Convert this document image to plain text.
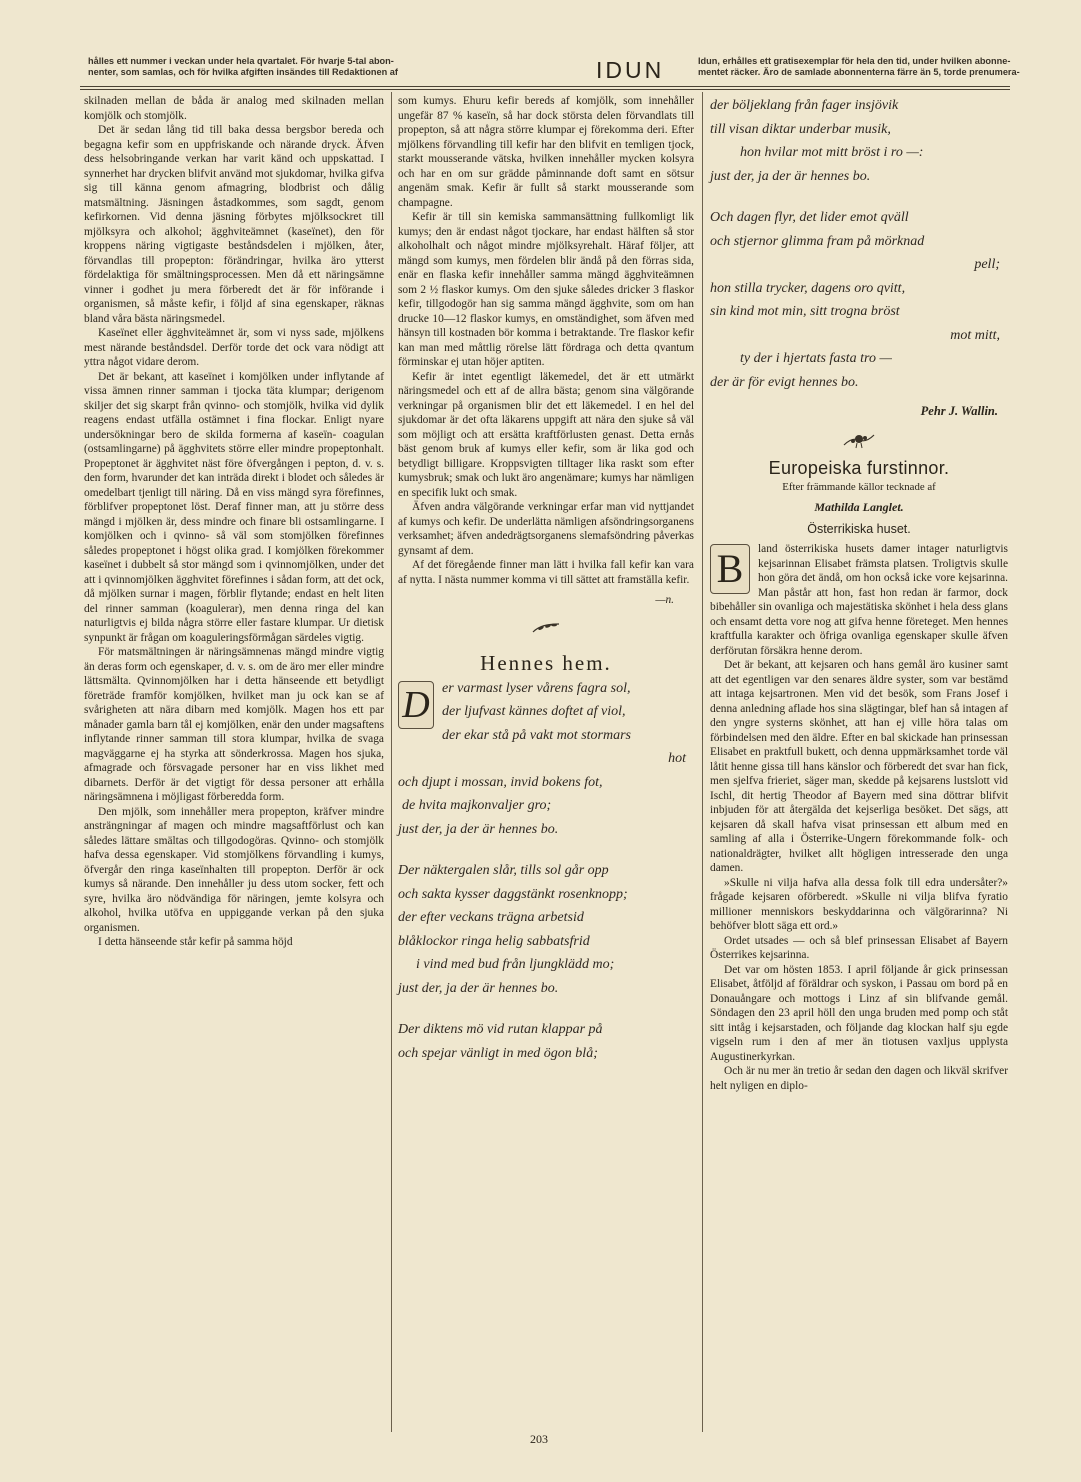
hålles ett nummer i veckan under hela qvartalet. För hvarje 5-tal abon-
nenter, som samlas, och för hvilka afgiften insändes till Redaktionen af	IDUN	Idun, erhålles ett gratisexemplar för hela den tid, under hvilken abonne-
mentet räcker. Äro de samlade abonnenterna färre än 5, torde prenumera-

skilnaden mellan de båda är analog med skilnaden mellan komjölk och stomjölk.

Det är sedan lång tid till baka dessa bergsbor bereda och begagna kefir som en uppfriskande och närande dryck. Äfven dess helsobringande verkan har varit känd och uppskattad. I synnerhet har drycken blifvit använd mot sjukdomar, hvilka gifva sig till känna genom afmagring, blodbrist och dålig matsmältning. Jäsningen åstadkommes, som sagdt, genom kefirkornen. Vid denna jäsning förbytes mjölksockret till mjölksyra och alkohol; ägghviteämnet (kaseïnet), den för kroppens näring vigtigaste beståndsdelen i mjölken, åter, förvandlas till propepton: förändringar, hvilka äro ytterst fördelaktiga för smältningsprocessen. Men då ett näringsämne vinner i godhet ju mera förberedt det är för införande i organismen, så måste kefir, i följd af sina egenskaper, räknas bland våra bästa näringsmedel.

Kaseïnet eller ägghviteämnet är, som vi nyss sade, mjölkens mest närande beståndsdel. Derför torde det ock vara nödigt att yttra något vidare derom.

Det är bekant, att kaseïnet i komjölken under inflytande af vissa ämnen rinner samman i tjocka täta klumpar; derigenom skiljer det sig skarpt från qvinno- och stomjölk, hvilka vid dylik reagens endast utfälla ostämnet i fina flockar. Enligt nyare undersökningar bero de skilda formerna af kaseïn- coagulan (ostsamlingarne) på ägghvitets större eller mindre propeptonhalt. Propeptonet är ägghvitet näst före öfvergången i pepton, d. v. s. den form, hvarunder det kan inträda direkt i blodet och således är omedelbart tjenligt till näring. Då en viss mängd syra förefinnes, förblifver propeptonet löst. Deraf finner man, att ju större dess mängd i mjölken är, dess mindre och finare bli ostsamlingarne. I komjölken och i qvinno- så väl som stomjölken förefinnes således propeptonet i högst olika grad. I komjölken förekommer kaseïnet i dubbelt så stor mängd som i qvinnomjölken, under det att i qvinnomjölken ägghvitet förefinnes i sådan form, att det ock, då mjölken surnar i magen, förblir flytande; endast en helt liten del rinner samman (koagulerar), men denna ringa del kan naturligtvis ej bilda några större eller fastare klumpar. Ur dietisk synpunkt är frågan om koaguleringsförmågan särdeles vigtig.

För matsmältningen är näringsämnenas mängd mindre vigtig än deras form och egenskaper, d. v. s. om de äro mer eller mindre lättsmälta. Qvinnomjölken har i detta hänseende ett betydligt företräde framför komjölken, hvilket man ju ock kan se af svårigheten att nära dibarn med komjölk. Magen hos ett par månader gamla barn tål ej komjölken, enär den under magsaftens inflytande rinner samman till stora klumpar, hvilka de svaga magväggarne ej ha styrka att sönderkrossa. Magen hos sjuka, afmagrade och försvagade personer har en viss likhet med dibarnets. Derför är det vigtigt för dessa personer att erhålla näringsämnena i möjligast förberedda form.

Den mjölk, som innehåller mera propepton, kräfver mindre ansträngningar af magen och mindre magsaftförlust och kan således lättare smältas och tillgodogöras. Qvinno- och stomjölk hafva dessa egenskaper. Vid stomjölkens förvandling i kumys, öfvergår den ringa kaseïnhalten till propepton. Derför är ock kumys så närande. Den innehåller ju dess utom socker, fett och syre, hvilka äro nödvändiga för näringen, jemte kolsyra och alkohol, hvilka utöfva en uppiggande verkan på den sjuka organismen.

I detta hänseende står kefir på samma höjd

som kumys. Ehuru kefir bereds af komjölk, som innehåller ungefär 87 % kaseïn, så har dock största delen förvandlats till propepton, så att några större klumpar ej förekomma deri. Efter mjölkens förvandling till kefir har den blifvit en temligen tjock, starkt mousserande vätska, hvilken innehåller mycken kolsyra och har en om sur grädde påminnande doft samt en sötsur angenäm smak. Kefir är fullt så starkt mousserande som champagne.

Kefir är till sin kemiska sammansättning fullkomligt lik kumys; den är endast något tjockare, har endast hälften så stor alkoholhalt och något mindre mjölksyrehalt. Häraf följer, att mängd som kumys, men fördelen blir ändå på den förras sida, enär en flaska kefir innehåller samma mängd ägghviteämnen som 2 ½ flaskor kumys. Om den sjuke således dricker 3 flaskor kefir, tillgodogör han sig samma mängd ägghvite, som om han drucke 10—12 flaskor kumys, en omständighet, som äfven med hänsyn till kostnaden bör komma i betraktande. Tre flaskor kefir kan man med måttlig rörelse lätt fördraga och detta qvantum förminskar ej utan höjer aptiten.

Kefir är intet egentligt läkemedel, det är ett utmärkt näringsmedel och ett af de allra bästa; genom sina välgörande verkningar på organismen blir det ett läkemedel. I en hel del sjukdomar är det ofta läkarens uppgift att nära den sjuke så väl som möjligt och att ersätta kraftförlusten genast. Detta ernås bäst genom bruk af kumys eller kefir, som är lika god och betydligt billigare. Kroppsvigten tilltager lika raskt som efter kumysbruk; smak och lukt äro angenämare; kumys har nämligen en specifik lukt och smak.

Äfven andra välgörande verkningar erfar man vid nyttjandet af kumys och kefir. De underlätta nämligen afsöndringsorganens verksamhet; äfven andedrägtsorganens slemafsöndring påverkas gynsamt af dem.

Af det föregående finner man lätt i hvilka fall kefir kan vara af nytta. I nästa nummer komma vi till sättet att framställa kefir.

—n.
Hennes hem.
D er varmast lyser vårens fagra sol,
der ljufvast kännes doftet af viol,
der ekar stå på vakt mot stormars
hot
och djupt i mossan, invid bokens fot,
de hvita majkonvaljer gro;
just der, ja der är hennes bo.
Der näktergalen slår, tills sol går opp
och sakta kysser daggstänkt rosenknopp;
der efter veckans trägna arbetsid
blåklockor ringa helig sabbatsfrid
i vind med bud från ljungklädd mo;
just der, ja der är hennes bo.
Der diktens mö vid rutan klappar på
och spejar vänligt in med ögon blå;
der böljeklang från fager insjövik
till visan diktar underbar musik,
hon hvilar mot mitt bröst i ro —:
just der, ja der är hennes bo.
Och dagen flyr, det lider emot qväll
och stjernor glimma fram på mörknad
pell;
hon stilla trycker, dagens oro qvitt,
sin kind mot min, sitt trogna bröst
mot mitt,
ty der i hjertats fasta tro —
der är för evigt hennes bo.
Pehr J. Wallin.
Europeiska furstinnor.
Efter främmande källor tecknade af
Mathilda Langlet.
Österrikiska huset.
B	land österrikiska husets damer intager naturligtvis kejsarinnan Elisabet främsta platsen. Troligtvis skulle hon göra det ändå, om hon också icke vore kejsarinna. Man påstår att hon, fast hon redan är farmor, dock bibehåller sin ovanliga och majestätiska skönhet i hela dess glans och ensamt detta vore nog att gifva henne företeget. Men hennes kraftfulla karakter och öfriga ovanliga egenskaper skulle äfven derförutan försäkra henne derom.

Det är bekant, att kejsaren och hans gemål äro kusiner samt att det egentligen var den senares äldre syster, som var bestämd att intaga kejsartronen. Men vid det besök, som Frans Josef i denna anledning aflade hos sina slägtingar, blef han så intagen af den yngre systerns skönhet, att han ej ville höra talas om förbindelsen med den äldre. Efter en bal skickade han prinsessan Elisabet en praktfull bukett, och denna uppmärksamhet torde väl låtit henne gissa till hans känslor och förberedt det svar han fick, men sjelfva frieriet, säger man, skedde på kejsarens lustslott vid Ischl, dit hertig Theodor af Bayern med sina döttrar blifvit inbjuden för att återgälda det kejserliga besöket. Det sägs, att kejsaren då skall hafva visat prinsessan ett album med en samling af alla i Österrike-Ungern förekommande folk- och nationaldrägter, hvilket allt högligen intresserade den unga damen.

»Skulle ni vilja hafva alla dessa folk till edra undersåter?» frågade kejsaren oförberedt. »Skulle ni vilja blifva fyratio millioner menniskors beskyddarinna och välgörarinna? Ni behöfver blott säga ett ord.»

Ordet utsades — och så blef prinsessan Elisabet af Bayern Österrikes kejsarinna.

Det var om hösten 1853. I april följande år gick prinsessan Elisabet, åtföljd af föräldrar och syskon, i Passau om bord på en Donauångare och mottogs i Linz af sin blifvande gemål. Söndagen den 23 april höll den unga bruden med pomp och ståt sitt intåg i kejsarstaden, och följande dag klockan half sju egde vigseln rum i den af mer än tiotusen vaxljus upplysta Augustinerkyrkan.

Och är nu mer än tretio år sedan den dagen och likväl skrifver helt nyligen en diplo-

203
